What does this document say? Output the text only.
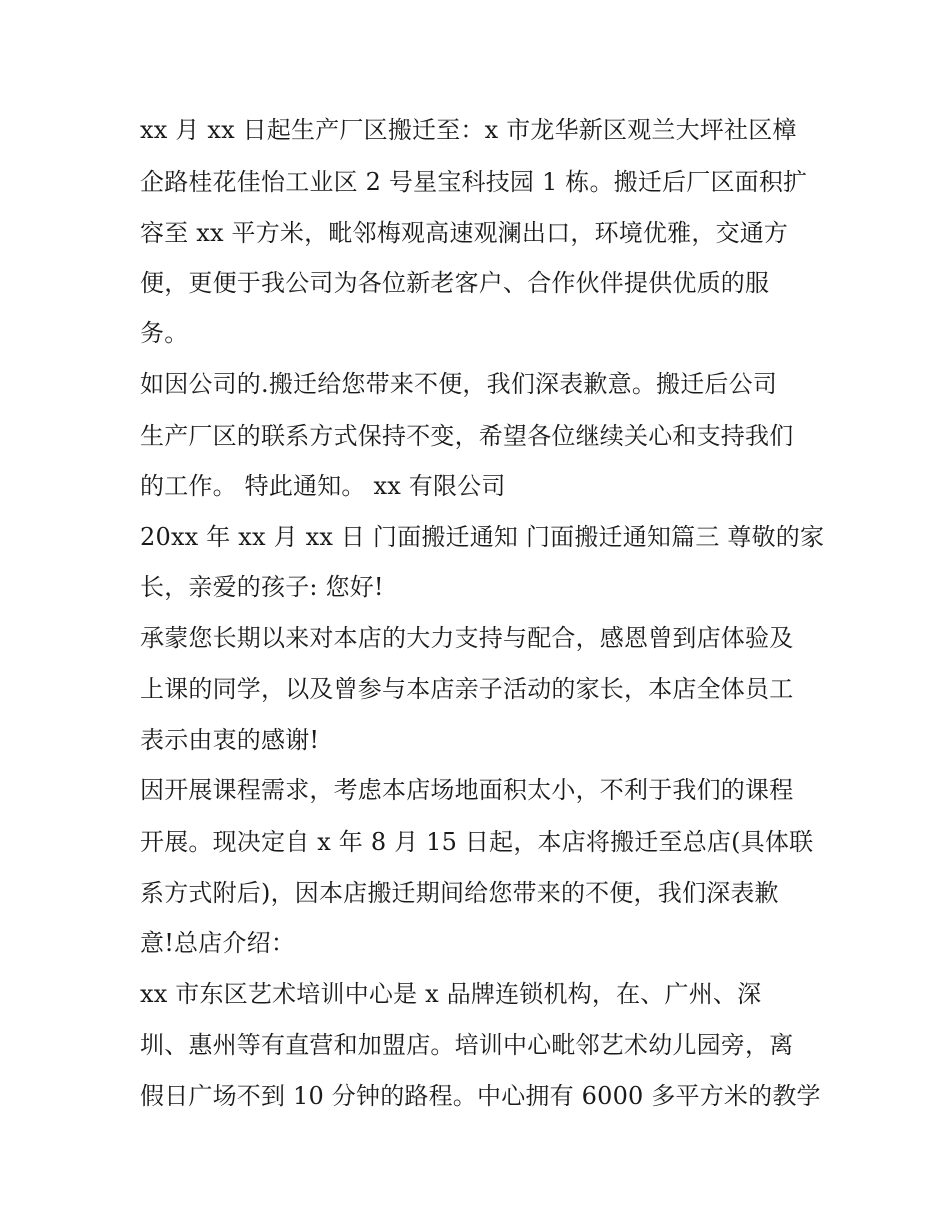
xx 月 xx 日起生产厂区搬迁至：x 市龙华新区观兰大坪社区樟

企路桂花佳怡工业区 2 号星宝科技园 1 栋。搬迁后厂区面积扩

容至 xx 平方米，毗邻梅观高速观澜出口，环境优雅，交通方

便，更便于我公司为各位新老客户、合作伙伴提供优质的服

务。

如因公司的.搬迁给您带来不便，我们深表歉意。搬迁后公司

生产厂区的联系方式保持不变，希望各位继续关心和支持我们

的工作。 特此通知。 xx 有限公司

20xx 年 xx 月 xx 日 门面搬迁通知 门面搬迁通知篇三 尊敬的家

长，亲爱的孩子: 您好!

承蒙您长期以来对本店的大力支持与配合，感恩曾到店体验及

上课的同学，以及曾参与本店亲子活动的家长，本店全体员工

表示由衷的感谢!

因开展课程需求，考虑本店场地面积太小，不利于我们的课程

开展。现决定自 x 年 8 月 15 日起，本店将搬迁至总店(具体联

系方式附后)，因本店搬迁期间给您带来的不便，我们深表歉

意!总店介绍：

xx 市东区艺术培训中心是 x 品牌连锁机构，在、广州、深

圳、惠州等有直营和加盟店。培训中心毗邻艺术幼儿园旁，离

假日广场不到 10 分钟的路程。中心拥有 6000 多平方米的教学
